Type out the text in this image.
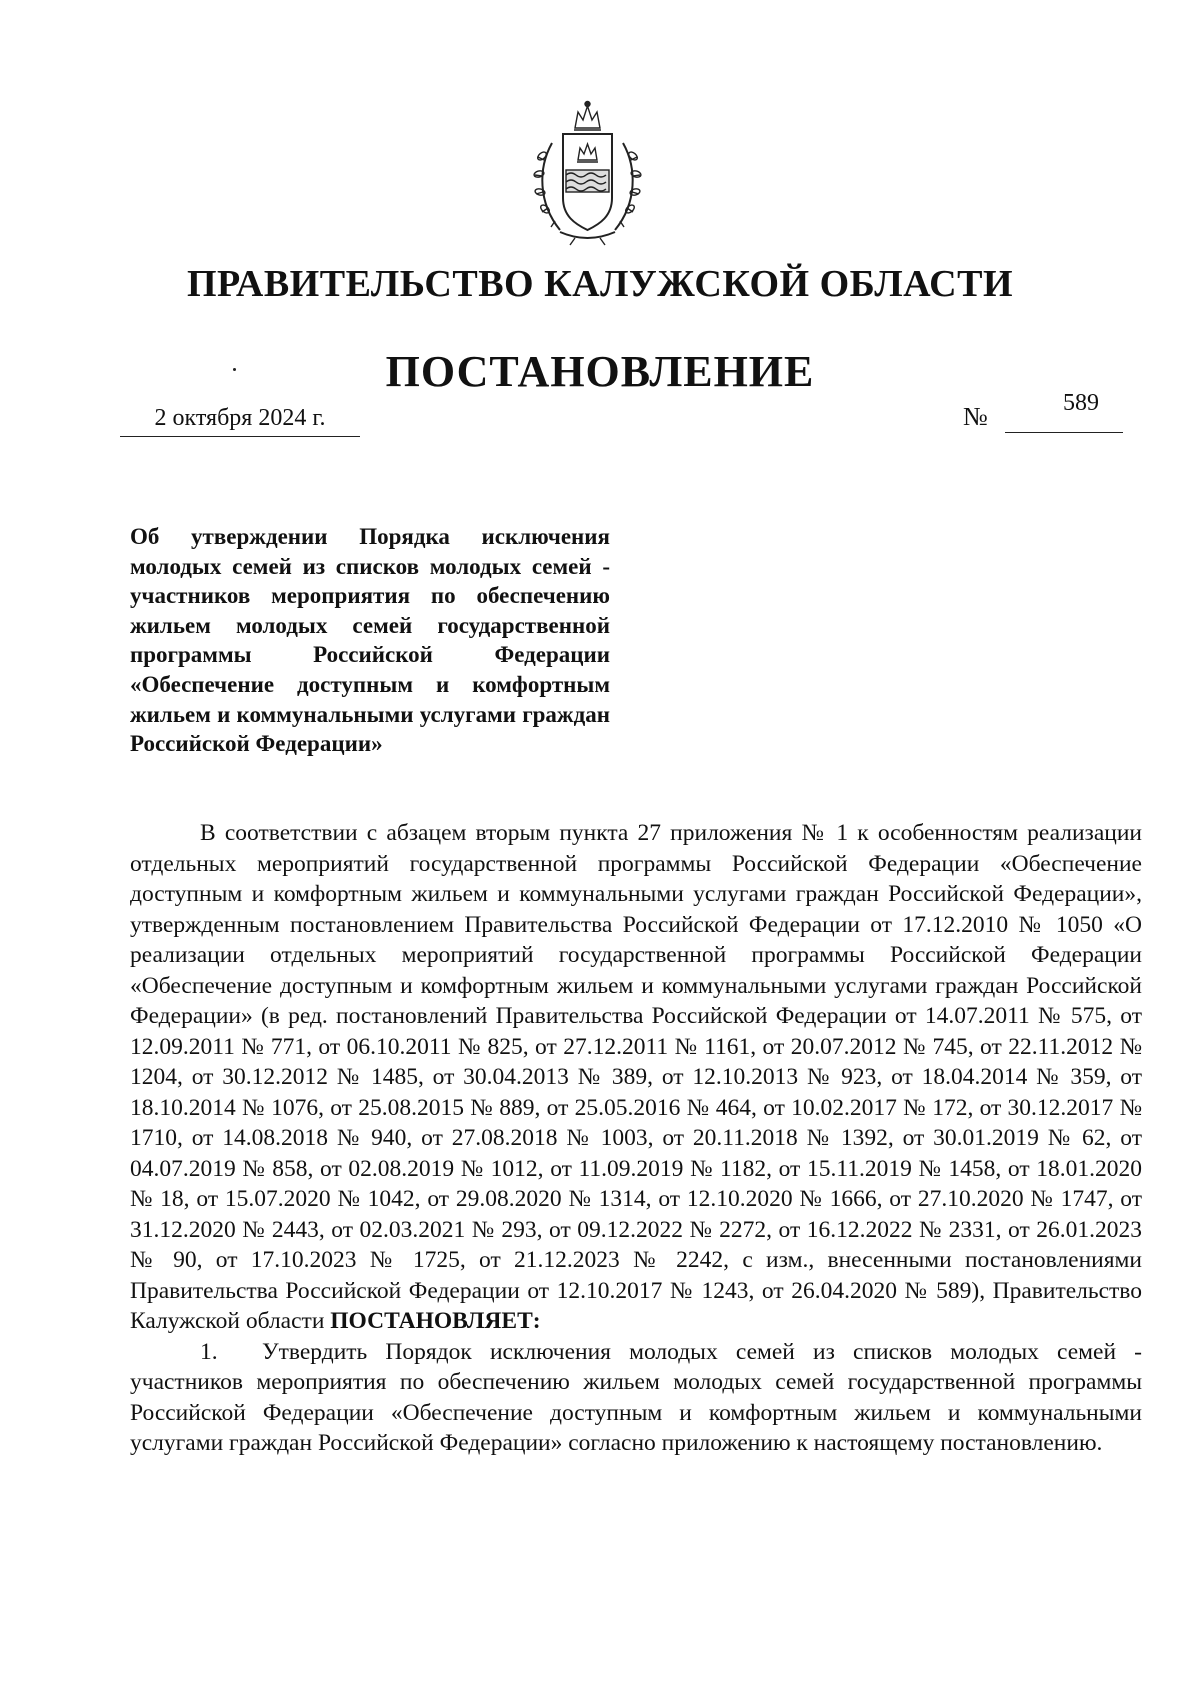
ПРАВИТЕЛЬСТВО КАЛУЖСКОЙ ОБЛАСТИ
ПОСТАНОВЛЕНИЕ
2 октября 2024 г.	№	589
Об утверждении Порядка исключения молодых семей из списков молодых семей - участников мероприятия по обеспечению жильем молодых семей государственной программы Российской Федерации «Обеспечение доступным и комфортным жильем и коммунальными услугами граждан Российской Федерации»

В соответствии с абзацем вторым пункта 27 приложения № 1 к особенностям реализации отдельных мероприятий государственной программы Российской Федерации «Обеспечение доступным и комфортным жильем и коммунальными услугами граждан Российской Федерации», утвержденным постановлением Правительства Российской Федерации от 17.12.2010 № 1050 «О реализации отдельных мероприятий государственной программы Российской Федерации «Обеспечение доступным и комфортным жильем и коммунальными услугами граждан Российской Федерации» (в ред. постановлений Правительства Российской Федерации от 14.07.2011 № 575, от 12.09.2011 № 771, от 06.10.2011 № 825, от 27.12.2011 № 1161, от 20.07.2012 № 745, от 22.11.2012 № 1204, от 30.12.2012 № 1485, от 30.04.2013 № 389, от 12.10.2013 № 923, от 18.04.2014 № 359, от 18.10.2014 № 1076, от 25.08.2015 № 889, от 25.05.2016 № 464, от 10.02.2017 № 172, от 30.12.2017 № 1710, от 14.08.2018 № 940, от 27.08.2018 № 1003, от 20.11.2018 № 1392, от 30.01.2019 № 62, от 04.07.2019 № 858, от 02.08.2019 № 1012, от 11.09.2019 № 1182, от 15.11.2019 № 1458, от 18.01.2020 № 18, от 15.07.2020 № 1042, от 29.08.2020 № 1314, от 12.10.2020 № 1666, от 27.10.2020 № 1747, от 31.12.2020 № 2443, от 02.03.2021 № 293, от 09.12.2022 № 2272, от 16.12.2022 № 2331, от 26.01.2023 № 90, от 17.10.2023 № 1725, от 21.12.2023 № 2242, с изм., внесенными постановлениями Правительства Российской Федерации от 12.10.2017 № 1243, от 26.04.2020 № 589), Правительство Калужской области ПОСТАНОВЛЯЕТ:

1. Утвердить Порядок исключения молодых семей из списков молодых семей - участников мероприятия по обеспечению жильем молодых семей государственной программы Российской Федерации «Обеспечение доступным и комфортным жильем и коммунальными услугами граждан Российской Федерации» согласно приложению к настоящему постановлению.
